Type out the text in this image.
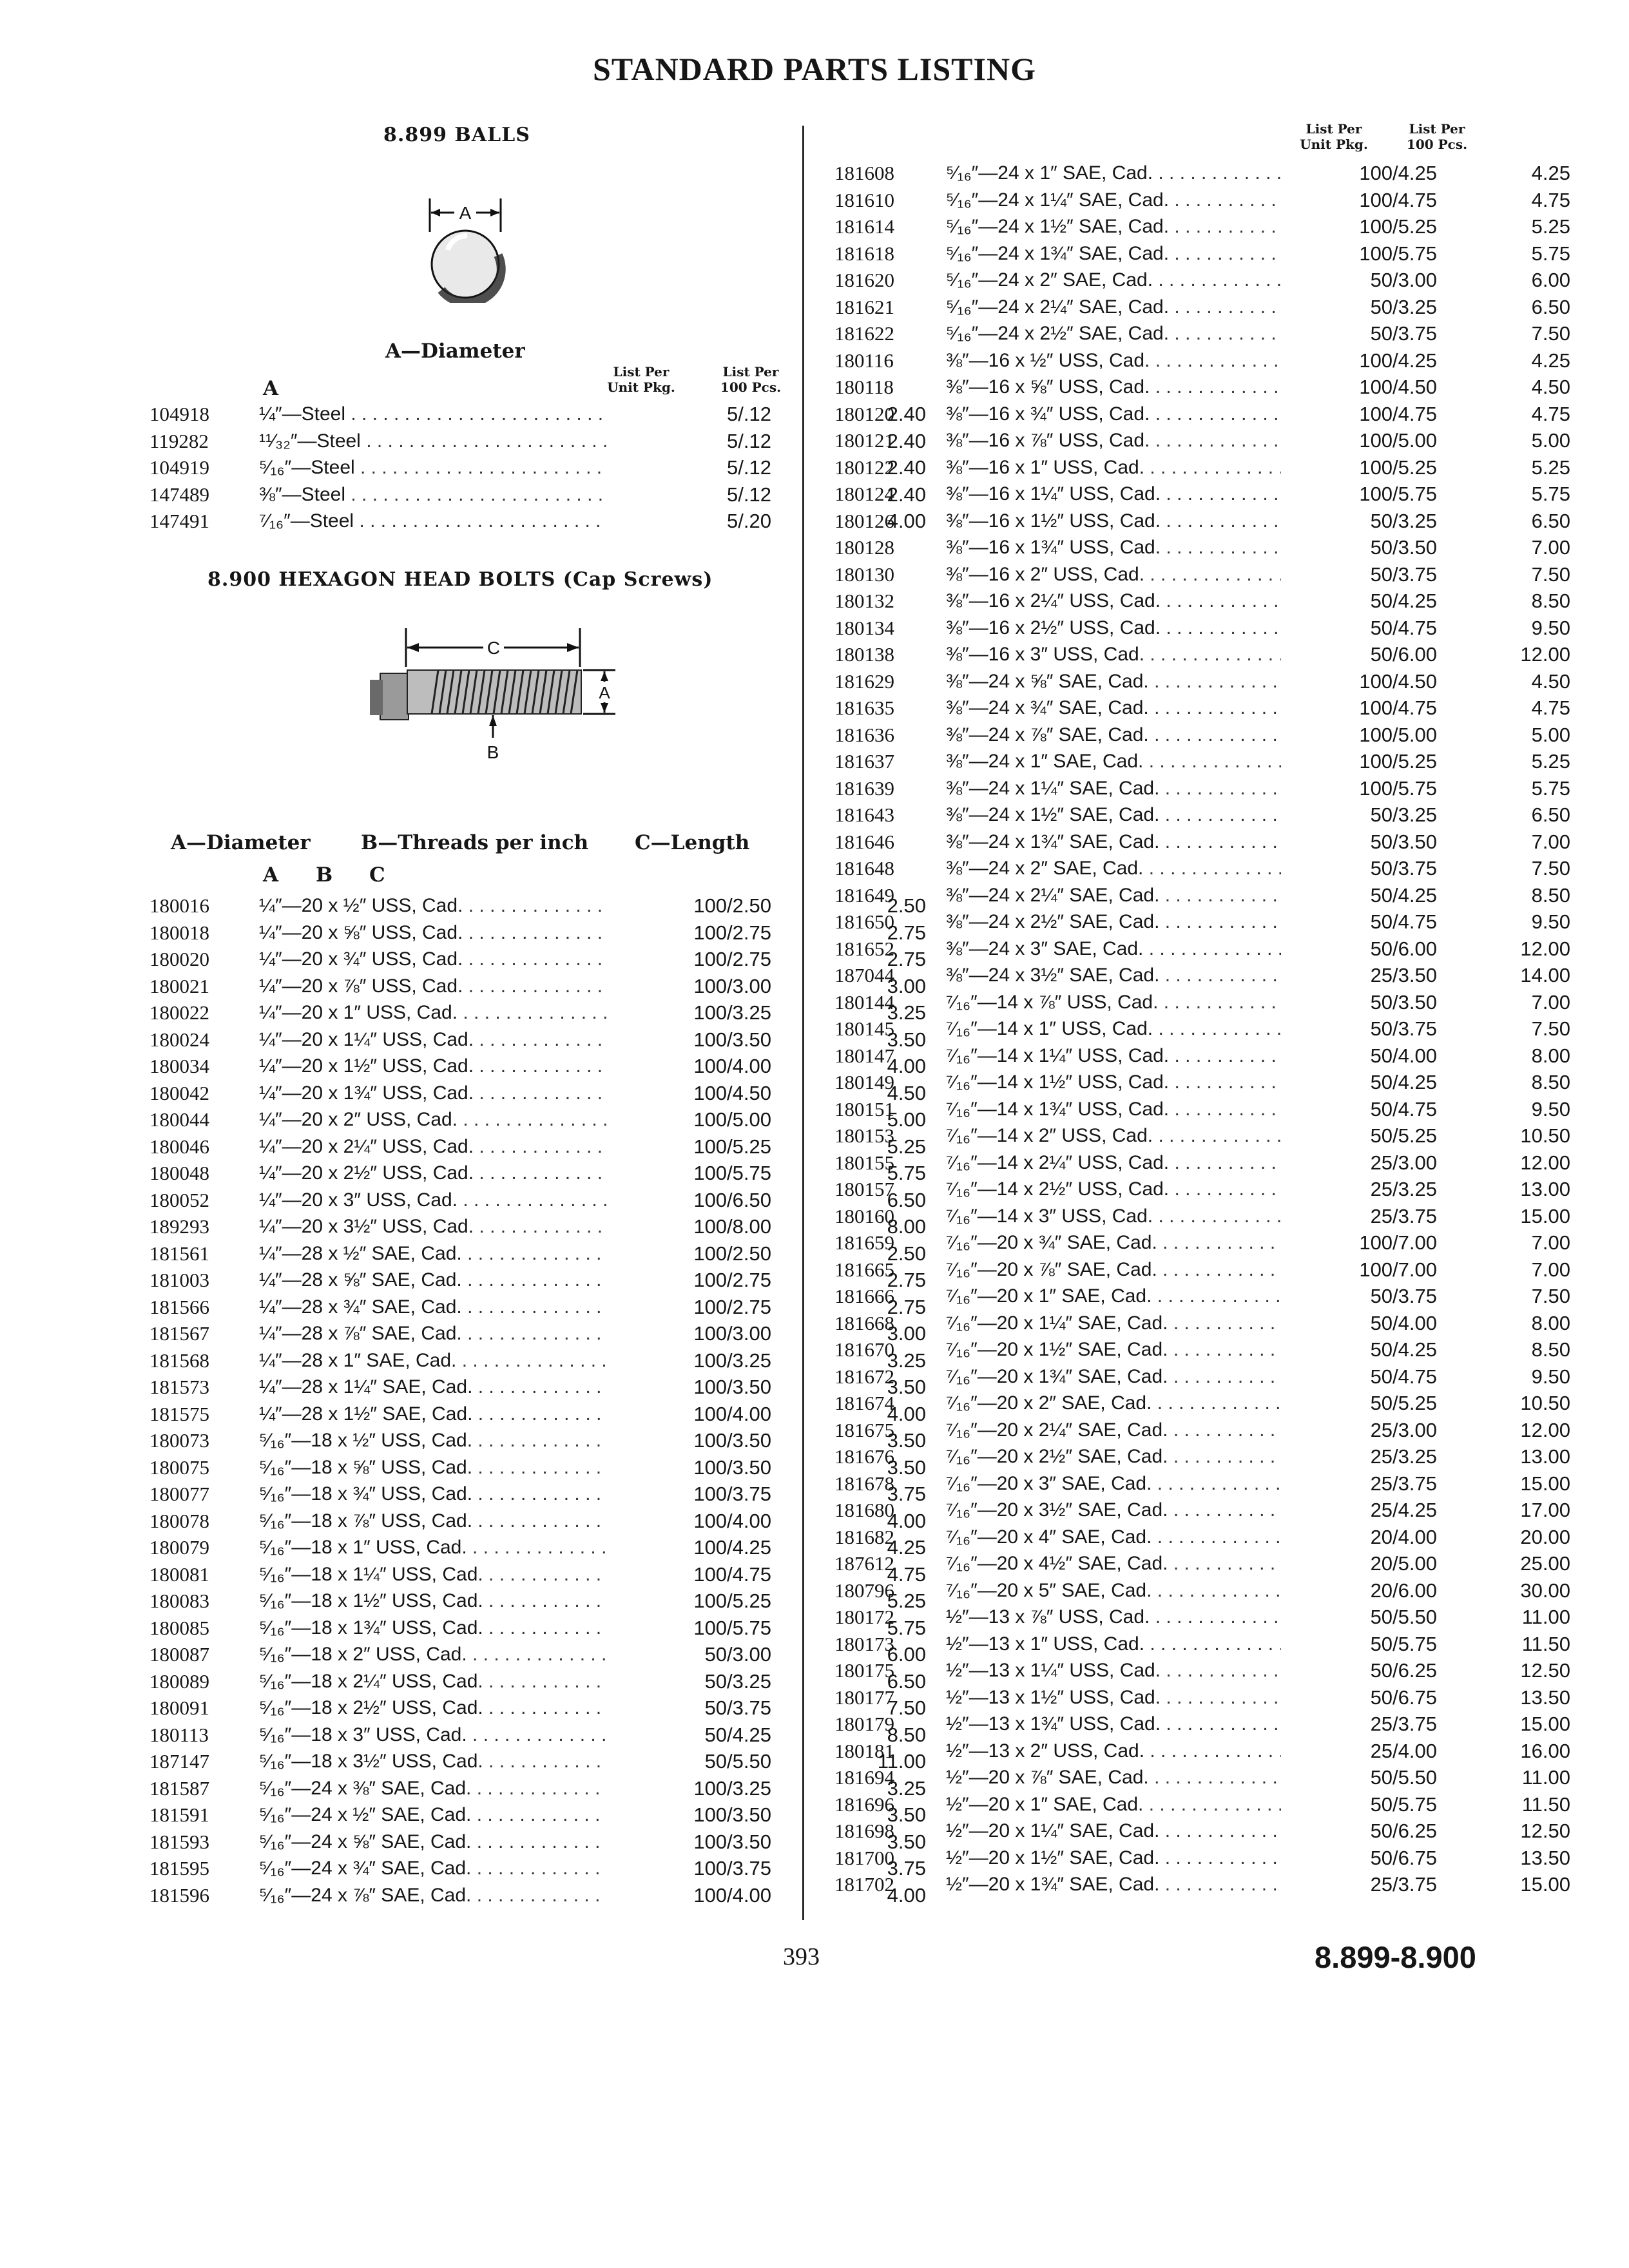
STANDARD PARTS LISTING
8.899 BALLS
A
A—Diameter
A
List Per
Unit Pkg.
List Per
100 Pcs.
104918	¼″—Steel . . .	5/.12	2.40
119282	¹¹⁄₃₂″—Steel . . .	5/.12	2.40
104919	⁵⁄₁₆″—Steel . . .	5/.12	2.40
147489	⅜″—Steel . . .	5/.12	2.40
147491	⁷⁄₁₆″—Steel . . .	5/.20	4.00
8.900 HEXAGON HEAD BOLTS (Cap Screws)
C
A
B
A—Diameter	B—Threads per inch C—Length
A B C
180016	¼″—20 x ½″ USS, Cad. . . .	100/2.50	2.50
180018	¼″—20 x ⅝″ USS, Cad. . . .	100/2.75	2.75
180020	¼″—20 x ¾″ USS, Cad. . . .	100/2.75	2.75
180021	¼″—20 x ⅞″ USS, Cad. . . .	100/3.00	3.00
180022	¼″—20 x 1″ USS, Cad. . . .	100/3.25	3.25
180024	¼″—20 x 1¼″ USS, Cad. . . .	100/3.50	3.50
180034	¼″—20 x 1½″ USS, Cad. . . .	100/4.00	4.00
180042	¼″—20 x 1¾″ USS, Cad. . . .	100/4.50	4.50
180044	¼″—20 x 2″ USS, Cad. . . .	100/5.00	5.00
180046	¼″—20 x 2¼″ USS, Cad. . . .	100/5.25	5.25
180048	¼″—20 x 2½″ USS, Cad. . . .	100/5.75	5.75
180052	¼″—20 x 3″ USS, Cad. . . .	100/6.50	6.50
189293	¼″—20 x 3½″ USS, Cad. . . .	100/8.00	8.00
181561	¼″—28 x ½″ SAE, Cad. . . .	100/2.50	2.50
181003	¼″—28 x ⅝″ SAE, Cad. . . .	100/2.75	2.75
181566	¼″—28 x ¾″ SAE, Cad. . . .	100/2.75	2.75
181567	¼″—28 x ⅞″ SAE, Cad. . . .	100/3.00	3.00
181568	¼″—28 x 1″ SAE, Cad. . . .	100/3.25	3.25
181573	¼″—28 x 1¼″ SAE, Cad. . . .	100/3.50	3.50
181575	¼″—28 x 1½″ SAE, Cad. . . .	100/4.00	4.00
180073	⁵⁄₁₆″—18 x ½″ USS, Cad. . . .	100/3.50	3.50
180075	⁵⁄₁₆″—18 x ⅝″ USS, Cad. . . .	100/3.50	3.50
180077	⁵⁄₁₆″—18 x ¾″ USS, Cad. . . .	100/3.75	3.75
180078	⁵⁄₁₆″—18 x ⅞″ USS, Cad. . . .	100/4.00	4.00
180079	⁵⁄₁₆″—18 x 1″ USS, Cad. . . .	100/4.25	4.25
180081	⁵⁄₁₆″—18 x 1¼″ USS, Cad. . . .	100/4.75	4.75
180083	⁵⁄₁₆″—18 x 1½″ USS, Cad. . . .	100/5.25	5.25
180085	⁵⁄₁₆″—18 x 1¾″ USS, Cad. . . .	100/5.75	5.75
180087	⁵⁄₁₆″—18 x 2″ USS, Cad. . . .	50/3.00	6.00
180089	⁵⁄₁₆″—18 x 2¼″ USS, Cad. . . .	50/3.25	6.50
180091	⁵⁄₁₆″—18 x 2½″ USS, Cad. . . .	50/3.75	7.50
180113	⁵⁄₁₆″—18 x 3″ USS, Cad. . . .	50/4.25	8.50
187147	⁵⁄₁₆″—18 x 3½″ USS, Cad. . . .	50/5.50	11.00
181587	⁵⁄₁₆″—24 x ⅜″ SAE, Cad. . . .	100/3.25	3.25
181591	⁵⁄₁₆″—24 x ½″ SAE, Cad. . . .	100/3.50	3.50
181593	⁵⁄₁₆″—24 x ⅝″ SAE, Cad. . . .	100/3.50	3.50
181595	⁵⁄₁₆″—24 x ¾″ SAE, Cad. . . .	100/3.75	3.75
181596	⁵⁄₁₆″—24 x ⅞″ SAE, Cad. . . .	100/4.00	4.00
List Per
Unit Pkg.
List Per
100 Pcs.
181608	⁵⁄₁₆″—24 x 1″ SAE, Cad. . . .	100/4.25	4.25
181610	⁵⁄₁₆″—24 x 1¼″ SAE, Cad. . . .	100/4.75	4.75
181614	⁵⁄₁₆″—24 x 1½″ SAE, Cad. . . .	100/5.25	5.25
181618	⁵⁄₁₆″—24 x 1¾″ SAE, Cad. . . .	100/5.75	5.75
181620	⁵⁄₁₆″—24 x 2″ SAE, Cad. . . .	50/3.00	6.00
181621	⁵⁄₁₆″—24 x 2¼″ SAE, Cad. . . .	50/3.25	6.50
181622	⁵⁄₁₆″—24 x 2½″ SAE, Cad. . . .	50/3.75	7.50
180116	⅜″—16 x ½″ USS, Cad. . . .	100/4.25	4.25
180118	⅜″—16 x ⅝″ USS, Cad. . . .	100/4.50	4.50
180120	⅜″—16 x ¾″ USS, Cad. . . .	100/4.75	4.75
180121	⅜″—16 x ⅞″ USS, Cad. . . .	100/5.00	5.00
180122	⅜″—16 x 1″ USS, Cad. . . .	100/5.25	5.25
180124	⅜″—16 x 1¼″ USS, Cad. . . .	100/5.75	5.75
180126	⅜″—16 x 1½″ USS, Cad. . . .	50/3.25	6.50
180128	⅜″—16 x 1¾″ USS, Cad. . . .	50/3.50	7.00
180130	⅜″—16 x 2″ USS, Cad. . . .	50/3.75	7.50
180132	⅜″—16 x 2¼″ USS, Cad. . . .	50/4.25	8.50
180134	⅜″—16 x 2½″ USS, Cad. . . .	50/4.75	9.50
180138	⅜″—16 x 3″ USS, Cad. . . .	50/6.00	12.00
181629	⅜″—24 x ⅝″ SAE, Cad. . . .	100/4.50	4.50
181635	⅜″—24 x ¾″ SAE, Cad. . . .	100/4.75	4.75
181636	⅜″—24 x ⅞″ SAE, Cad. . . .	100/5.00	5.00
181637	⅜″—24 x 1″ SAE, Cad. . . .	100/5.25	5.25
181639	⅜″—24 x 1¼″ SAE, Cad. . . .	100/5.75	5.75
181643	⅜″—24 x 1½″ SAE, Cad. . . .	50/3.25	6.50
181646	⅜″—24 x 1¾″ SAE, Cad. . . .	50/3.50	7.00
181648	⅜″—24 x 2″ SAE, Cad. . . .	50/3.75	7.50
181649	⅜″—24 x 2¼″ SAE, Cad. . . .	50/4.25	8.50
181650	⅜″—24 x 2½″ SAE, Cad. . . .	50/4.75	9.50
181652	⅜″—24 x 3″ SAE, Cad. . . .	50/6.00	12.00
187044	⅜″—24 x 3½″ SAE, Cad. . . .	25/3.50	14.00
180144	⁷⁄₁₆″—14 x ⅞″ USS, Cad. . . .	50/3.50	7.00
180145	⁷⁄₁₆″—14 x 1″ USS, Cad. . . .	50/3.75	7.50
180147	⁷⁄₁₆″—14 x 1¼″ USS, Cad. . . .	50/4.00	8.00
180149	⁷⁄₁₆″—14 x 1½″ USS, Cad. . . .	50/4.25	8.50
180151	⁷⁄₁₆″—14 x 1¾″ USS, Cad. . . .	50/4.75	9.50
180153	⁷⁄₁₆″—14 x 2″ USS, Cad. . . .	50/5.25	10.50
180155	⁷⁄₁₆″—14 x 2¼″ USS, Cad. . . .	25/3.00	12.00
180157	⁷⁄₁₆″—14 x 2½″ USS, Cad. . . .	25/3.25	13.00
180160	⁷⁄₁₆″—14 x 3″ USS, Cad. . . .	25/3.75	15.00
181659	⁷⁄₁₆″—20 x ¾″ SAE, Cad. . . .	100/7.00	7.00
181665	⁷⁄₁₆″—20 x ⅞″ SAE, Cad. . . .	100/7.00	7.00
181666	⁷⁄₁₆″—20 x 1″ SAE, Cad. . . .	50/3.75	7.50
181668	⁷⁄₁₆″—20 x 1¼″ SAE, Cad. . . .	50/4.00	8.00
181670	⁷⁄₁₆″—20 x 1½″ SAE, Cad. . . .	50/4.25	8.50
181672	⁷⁄₁₆″—20 x 1¾″ SAE, Cad. . . .	50/4.75	9.50
181674	⁷⁄₁₆″—20 x 2″ SAE, Cad. . . .	50/5.25	10.50
181675	⁷⁄₁₆″—20 x 2¼″ SAE, Cad. . . .	25/3.00	12.00
181676	⁷⁄₁₆″—20 x 2½″ SAE, Cad. . . .	25/3.25	13.00
181678	⁷⁄₁₆″—20 x 3″ SAE, Cad. . . .	25/3.75	15.00
181680	⁷⁄₁₆″—20 x 3½″ SAE, Cad. . . .	25/4.25	17.00
181682	⁷⁄₁₆″—20 x 4″ SAE, Cad. . . .	20/4.00	20.00
187612	⁷⁄₁₆″—20 x 4½″ SAE, Cad. . . .	20/5.00	25.00
180796	⁷⁄₁₆″—20 x 5″ SAE, Cad. . . .	20/6.00	30.00
180172	½″—13 x ⅞″ USS, Cad. . . .	50/5.50	11.00
180173	½″—13 x 1″ USS, Cad. . . .	50/5.75	11.50
180175	½″—13 x 1¼″ USS, Cad. . . .	50/6.25	12.50
180177	½″—13 x 1½″ USS, Cad. . . .	50/6.75	13.50
180179	½″—13 x 1¾″ USS, Cad. . . .	25/3.75	15.00
180181	½″—13 x 2″ USS, Cad. . . .	25/4.00	16.00
181694	½″—20 x ⅞″ SAE, Cad. . . .	50/5.50	11.00
181696	½″—20 x 1″ SAE, Cad. . . .	50/5.75	11.50
181698	½″—20 x 1¼″ SAE, Cad. . . .	50/6.25	12.50
181700	½″—20 x 1½″ SAE, Cad. . . .	50/6.75	13.50
181702	½″—20 x 1¾″ SAE, Cad. . . .	25/3.75	15.00
393	8.899-8.900
